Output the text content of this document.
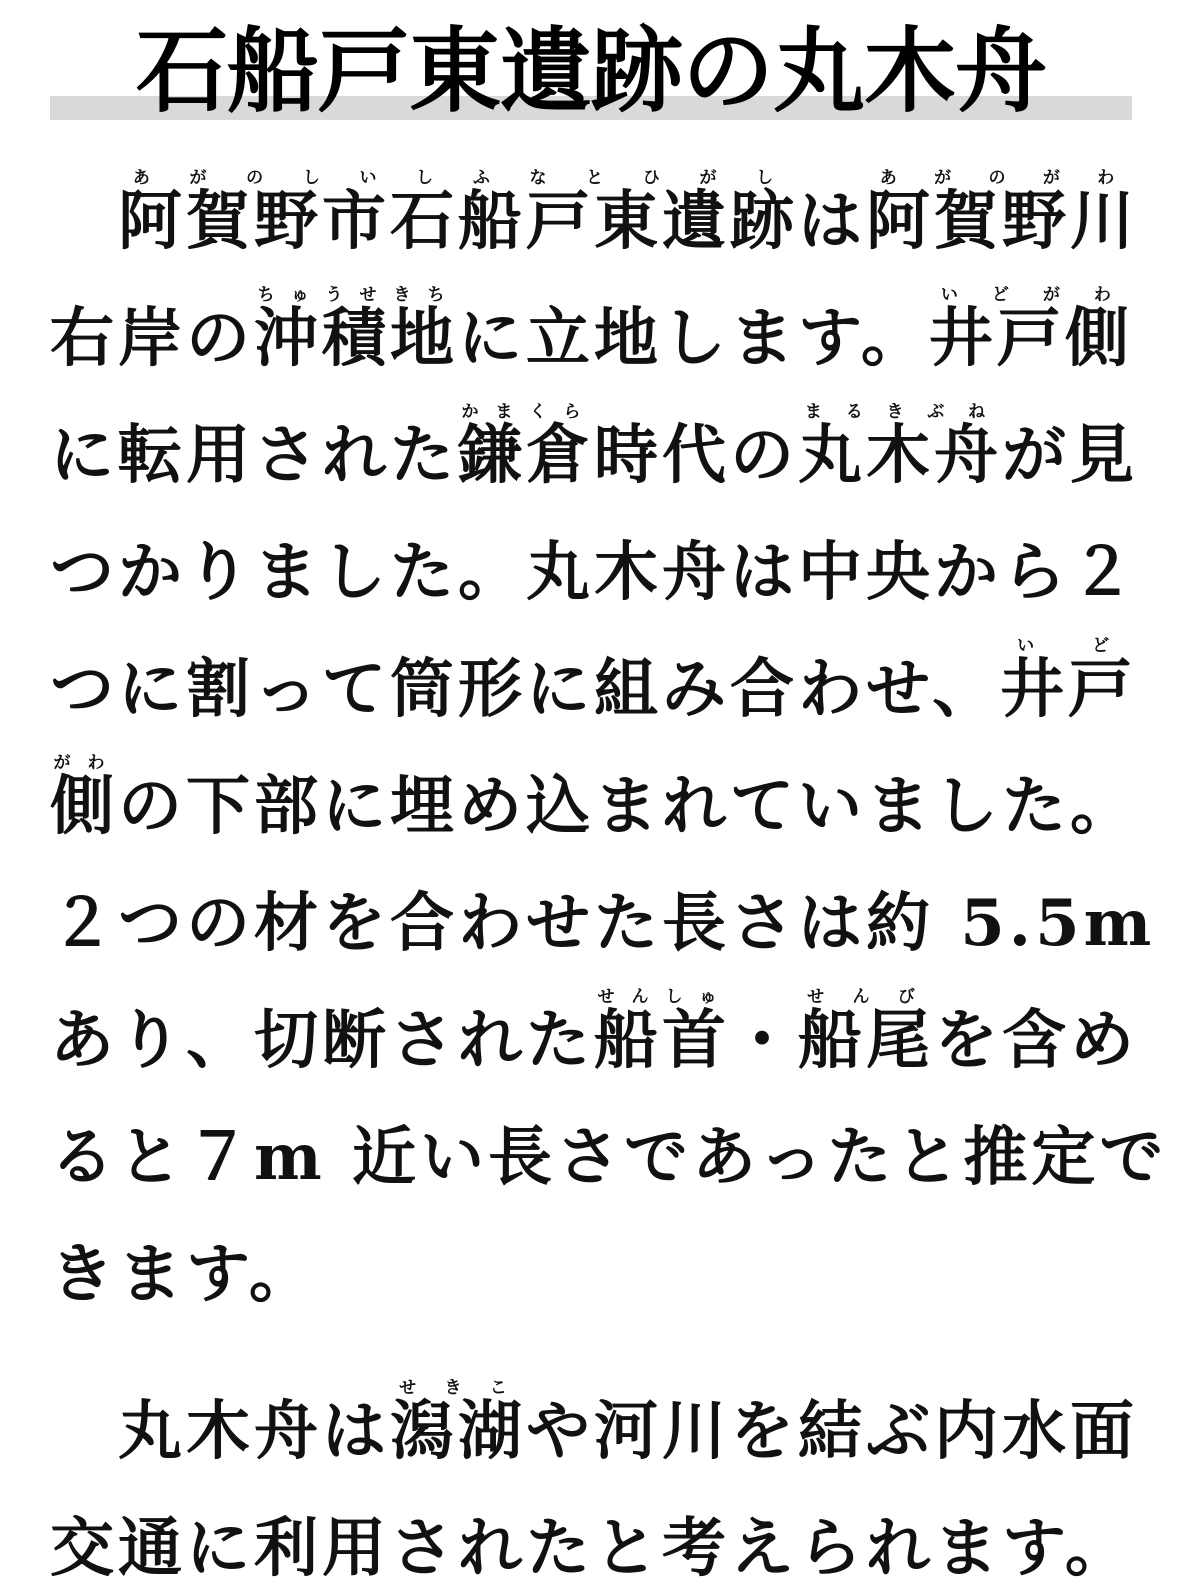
石船戸東遺跡の丸木舟
　阿賀野市石船戸東遺跡あがのしいしふなとひがしは阿賀野川あがのがわ
右岸の沖積地ちゅうせきちに立地します。井戸側いどがわ
に転用された鎌倉かまくら時代の丸木舟まるきぶねが見
つかりました。丸木舟は中央から２
つに割って筒形に組み合わせ、井戸いど
側がわの下部に埋め込まれていました。
２つの材を合わせた長さは約 5.5m
あり、切断された船首せんしゅ・船尾せんびを含め
ると７m 近い長さであったと推定で
きます。
　丸木舟は潟湖せきこや河川を結ぶ内水面
交通に利用されたと考えられます。
